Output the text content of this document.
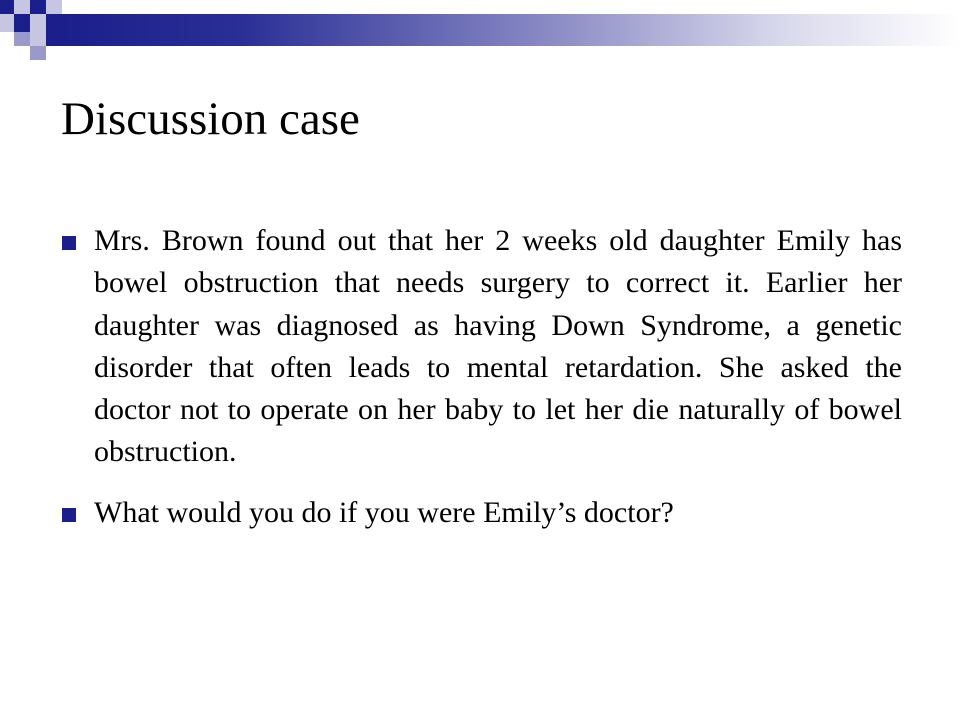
Discussion case
Mrs. Brown found out that her 2 weeks old daughter Emily has bowel obstruction that needs surgery to correct it. Earlier her daughter was diagnosed as having Down Syndrome, a genetic disorder that often leads to mental retardation. She asked the doctor not to operate on her baby to let her die naturally of bowel obstruction.
What would you do if you were Emily’s doctor?
